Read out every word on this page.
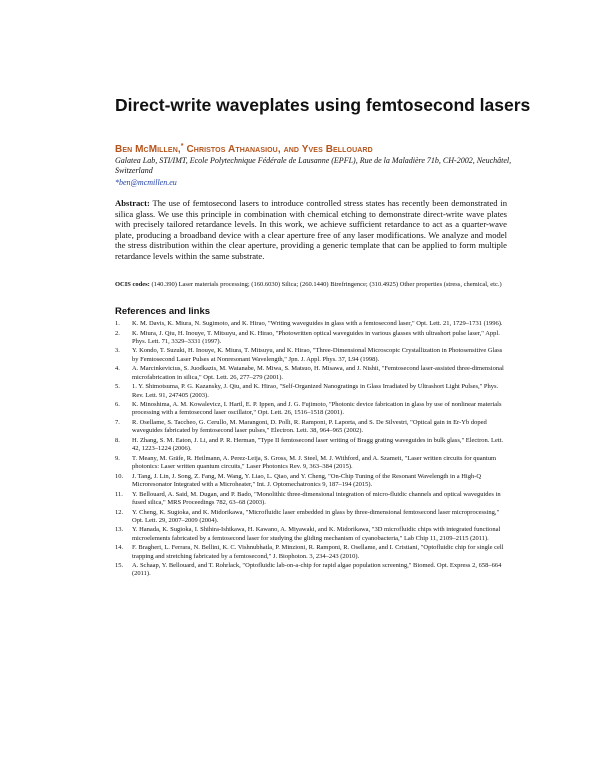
Direct-write waveplates using femtosecond lasers
Ben McMillen,* Christos Athanasiou, and Yves Bellouard
Galatea Lab, STI/IMT, Ecole Polytechnique Fédérale de Lausanne (EPFL), Rue de la Maladière 71b, CH-2002, Neuchâtel, Switzerland
*ben@mcmillen.eu
Abstract: The use of femtosecond lasers to introduce controlled stress states has recently been demonstrated in silica glass. We use this principle in combination with chemical etching to demonstrate direct-write wave plates with precisely tailored retardance levels. In this work, we achieve sufficient retardance to act as a quarter-wave plate, producing a broadband device with a clear aperture free of any laser modifications. We analyze and model the stress distribution within the clear aperture, providing a generic template that can be applied to form multiple retardance levels within the same substrate.
OCIS codes: (140.390) Laser materials processing; (160.6030) Silica; (260.1440) Birefringence; (310.4925) Other properties (stress, chemical, etc.)
References and links
1. K. M. Davis, K. Miura, N. Sugimoto, and K. Hirao, "Writing waveguides in glass with a femtosecond laser," Opt. Lett. 21, 1729–1731 (1996).
2. K. Miura, J. Qiu, H. Inouye, T. Mitsuyu, and K. Hirao, "Photowritten optical waveguides in various glasses with ultrashort pulse laser," Appl. Phys. Lett. 71, 3329–3331 (1997).
3. Y. Kondo, T. Suzuki, H. Inouye, K. Miura, T. Mitsuyu, and K. Hirao, "Three-Dimensional Microscopic Crystallization in Photosensitive Glass by Femtosecond Laser Pulses at Nonresonant Wavelength," Jpn. J. Appl. Phys. 37, L94 (1998).
4. A. Marcinkevicius, S. Juodkazis, M. Watanabe, M. Miwa, S. Matsuo, H. Misawa, and J. Nishii, "Femtosecond laser-assisted three-dimensional microfabrication in silica," Opt. Lett. 26, 277–279 (2001).
5. 1. Y. Shimotsuma, P. G. Kazansky, J. Qiu, and K. Hirao, "Self-Organized Nanogratings in Glass Irradiated by Ultrashort Light Pulses," Phys. Rev. Lett. 91, 247405 (2003).
6. K. Minoshima, A. M. Kowalevicz, I. Hartl, E. P. Ippen, and J. G. Fujimoto, "Photonic device fabrication in glass by use of nonlinear materials processing with a femtosecond laser oscillator," Opt. Lett. 26, 1516–1518 (2001).
7. R. Osellame, S. Taccheo, G. Cerullo, M. Marangoni, D. Polli, R. Ramponi, P. Laporta, and S. De Silvestri, "Optical gain in Er-Yb doped waveguides fabricated by femtosecond laser pulses," Electron. Lett. 38, 964–965 (2002).
8. H. Zhang, S. M. Eaton, J. Li, and P. R. Herman, "Type II femtosecond laser writing of Bragg grating waveguides in bulk glass," Electron. Lett. 42, 1223–1224 (2006).
9. T. Meany, M. Gräfe, R. Heilmann, A. Perez-Leija, S. Gross, M. J. Steel, M. J. Withford, and A. Szameit, "Laser written circuits for quantum photonics: Laser written quantum circuits," Laser Photonics Rev. 9, 363–384 (2015).
10. J. Tang, J. Lin, J. Song, Z. Fang, M. Wang, Y. Liao, L. Qiao, and Y. Cheng, "On-Chip Tuning of the Resonant Wavelength in a High-Q Microresonator Integrated with a Microheater," Int. J. Optomechatronics 9, 187–194 (2015).
11. Y. Bellouard, A. Said, M. Dugan, and P. Bado, "Monolithic three-dimensional integration of micro-fluidic channels and optical waveguides in fused silica," MRS Proceedings 782, 63–68 (2003).
12. Y. Cheng, K. Sugioka, and K. Midorikawa, "Microfluidic laser embedded in glass by three-dimensional femtosecond laser microprocessing," Opt. Lett. 29, 2007–2009 (2004).
13. Y. Hanada, K. Sugioka, I. Shihira-Ishikawa, H. Kawano, A. Miyawaki, and K. Midorikawa, "3D microfluidic chips with integrated functional microelements fabricated by a femtosecond laser for studying the gliding mechanism of cyanobacteria," Lab Chip 11, 2109–2115 (2011).
14. F. Bragheri, L. Ferrara, N. Bellini, K. C. Vishnubhatla, P. Minzioni, R. Ramponi, R. Osellame, and I. Cristiani, "Optofluidic chip for single cell trapping and stretching fabricated by a femtosecond," J. Biophoton. 3, 234–243 (2010).
15. A. Schaap, Y. Bellouard, and T. Rohrlack, "Optofluidic lab-on-a-chip for rapid algae population screening," Biomed. Opt. Express 2, 658–664 (2011).
